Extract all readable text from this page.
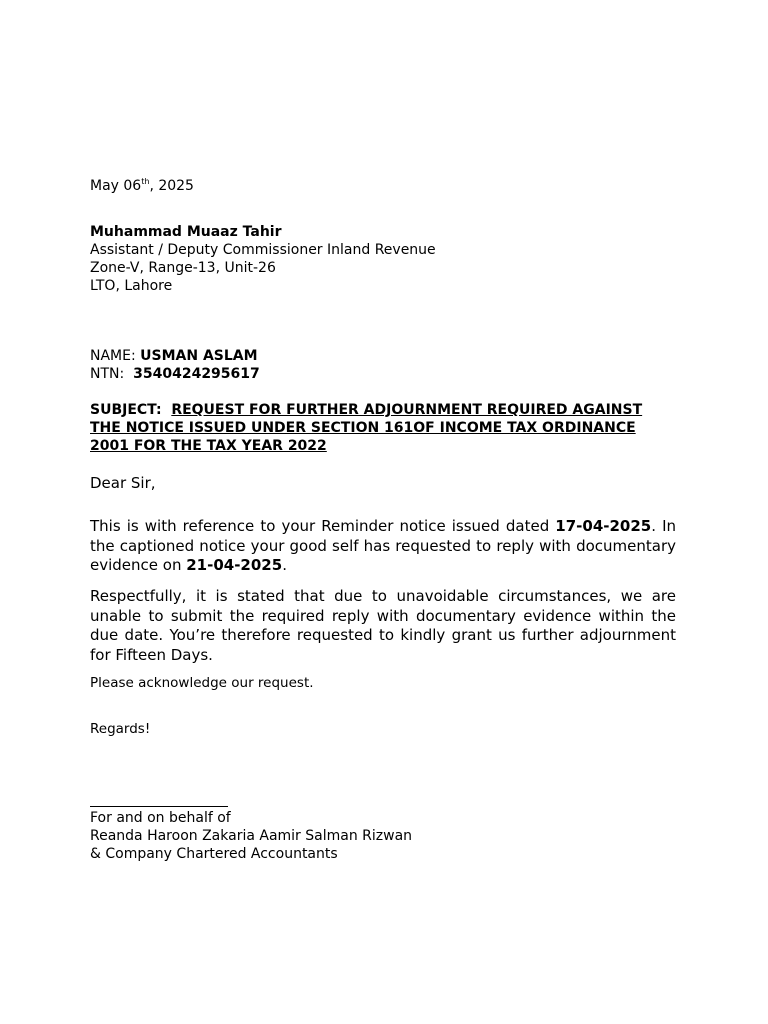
May 06th, 2025
Muhammad Muaaz Tahir
Assistant / Deputy Commissioner Inland Revenue
Zone-V, Range-13, Unit-26
LTO, Lahore
NAME: USMAN ASLAM
NTN: 3540424295617
SUBJECT: REQUEST FOR FURTHER ADJOURNMENT REQUIRED AGAINST THE NOTICE ISSUED UNDER SECTION 161OF INCOME TAX ORDINANCE 2001 FOR THE TAX YEAR 2022
Dear Sir,
This is with reference to your Reminder notice issued dated 17-04-2025. In the captioned notice your good self has requested to reply with documentary evidence on 21-04-2025.
Respectfully, it is stated that due to unavoidable circumstances, we are unable to submit the required reply with documentary evidence within the due date. You’re therefore requested to kindly grant us further adjournment for Fifteen Days.
Please acknowledge our request.
Regards!
For and on behalf of
Reanda Haroon Zakaria Aamir Salman Rizwan
& Company Chartered Accountants
